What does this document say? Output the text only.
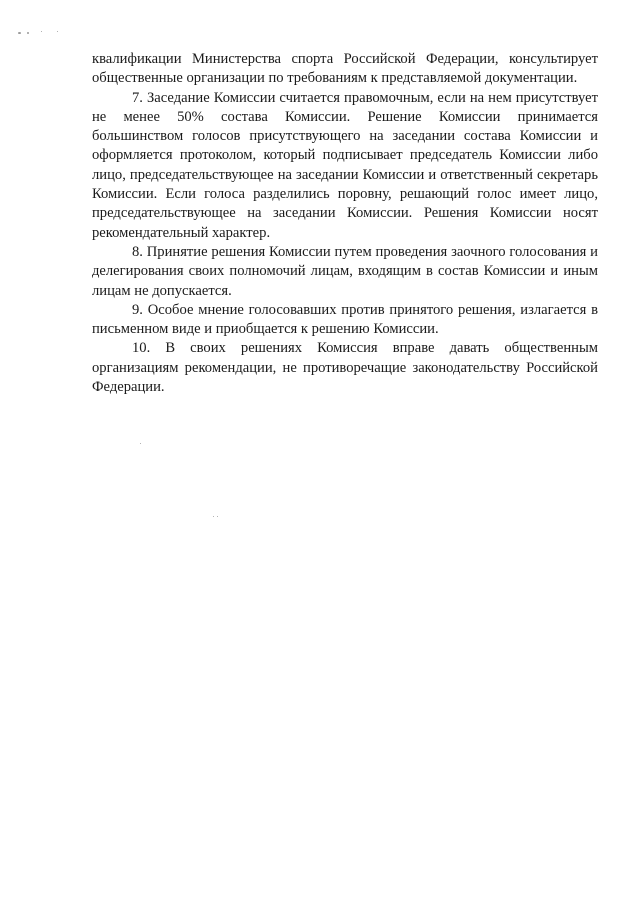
квалификации Министерства спорта Российской Федерации, консультирует общественные организации по требованиям к представляемой документации.

7. Заседание Комиссии считается правомочным, если на нем присутствует не менее 50% состава Комиссии. Решение Комиссии принимается большинством голосов присутствующего на заседании состава Комиссии и оформляется протоколом, который подписывает председатель Комиссии либо лицо, председательствующее на заседании Комиссии и ответственный секретарь Комиссии. Если голоса разделились поровну, решающий голос имеет лицо, председательствующее на заседании Комиссии. Решения Комиссии носят рекомендательный характер.

8. Принятие решения Комиссии путем проведения заочного голосования и делегирования своих полномочий лицам, входящим в состав Комиссии и иным лицам не допускается.

9. Особое мнение голосовавших против принятого решения, излагается в письменном виде и приобщается к решению Комиссии.

10. В своих решениях Комиссия вправе давать общественным организациям рекомендации, не противоречащие законодательству Российской Федерации.
